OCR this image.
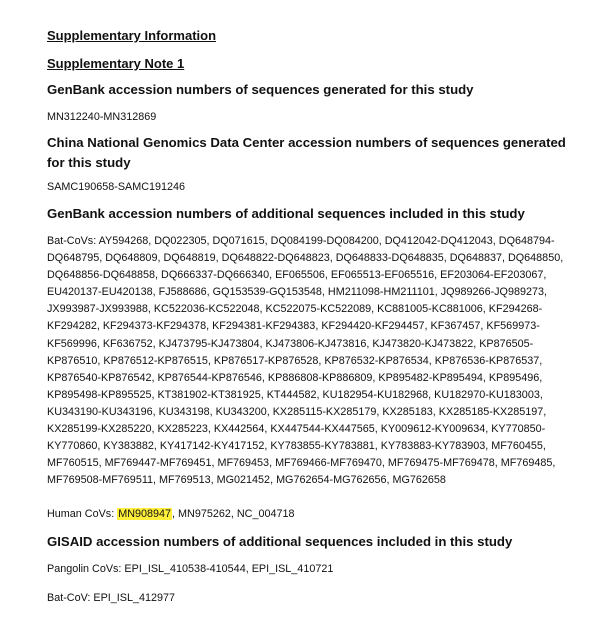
Supplementary Information
Supplementary Note 1
GenBank accession numbers of sequences generated for this study
MN312240-MN312869
China National Genomics Data Center accession numbers of sequences generated for this study
SAMC190658-SAMC191246
GenBank accession numbers of additional sequences included in this study
Bat-CoVs: AY594268, DQ022305, DQ071615, DQ084199-DQ084200, DQ412042-DQ412043, DQ648794-DQ648795, DQ648809, DQ648819, DQ648822-DQ648823, DQ648833-DQ648835, DQ648837, DQ648850, DQ648856-DQ648858, DQ666337-DQ666340, EF065506, EF065513-EF065516, EF203064-EF203067, EU420137-EU420138, FJ588686, GQ153539-GQ153548, HM211098-HM211101, JQ989266-JQ989273, JX993987-JX993988, KC522036-KC522048, KC522075-KC522089, KC881005-KC881006, KF294268-KF294282, KF294373-KF294378, KF294381-KF294383, KF294420-KF294457, KF367457, KF569973-KF569996, KF636752, KJ473795-KJ473804, KJ473806-KJ473816, KJ473820-KJ473822, KP876505-KP876510, KP876512-KP876515, KP876517-KP876528, KP876532-KP876534, KP876536-KP876537, KP876540-KP876542, KP876544-KP876546, KP886808-KP886809, KP895482-KP895494, KP895496, KP895498-KP895525, KT381902-KT381925, KT444582, KU182954-KU182968, KU182970-KU183003, KU343190-KU343196, KU343198, KU343200, KX285115-KX285179, KX285183, KX285185-KX285197, KX285199-KX285220, KX285223, KX442564, KX447544-KX447565, KY009612-KY009634, KY770850-KY770860, KY383882, KY417142-KY417152, KY783855-KY783881, KY783883-KY783903, MF760455, MF760515, MF769447-MF769451, MF769453, MF769466-MF769470, MF769475-MF769478, MF769485, MF769508-MF769511, MF769513, MG021452, MG762654-MG762656, MG762658
Human CoVs: MN908947, MN975262, NC_004718
GISAID accession numbers of additional sequences included in this study
Pangolin CoVs: EPI_ISL_410538-410544, EPI_ISL_410721
Bat-CoV: EPI_ISL_412977
